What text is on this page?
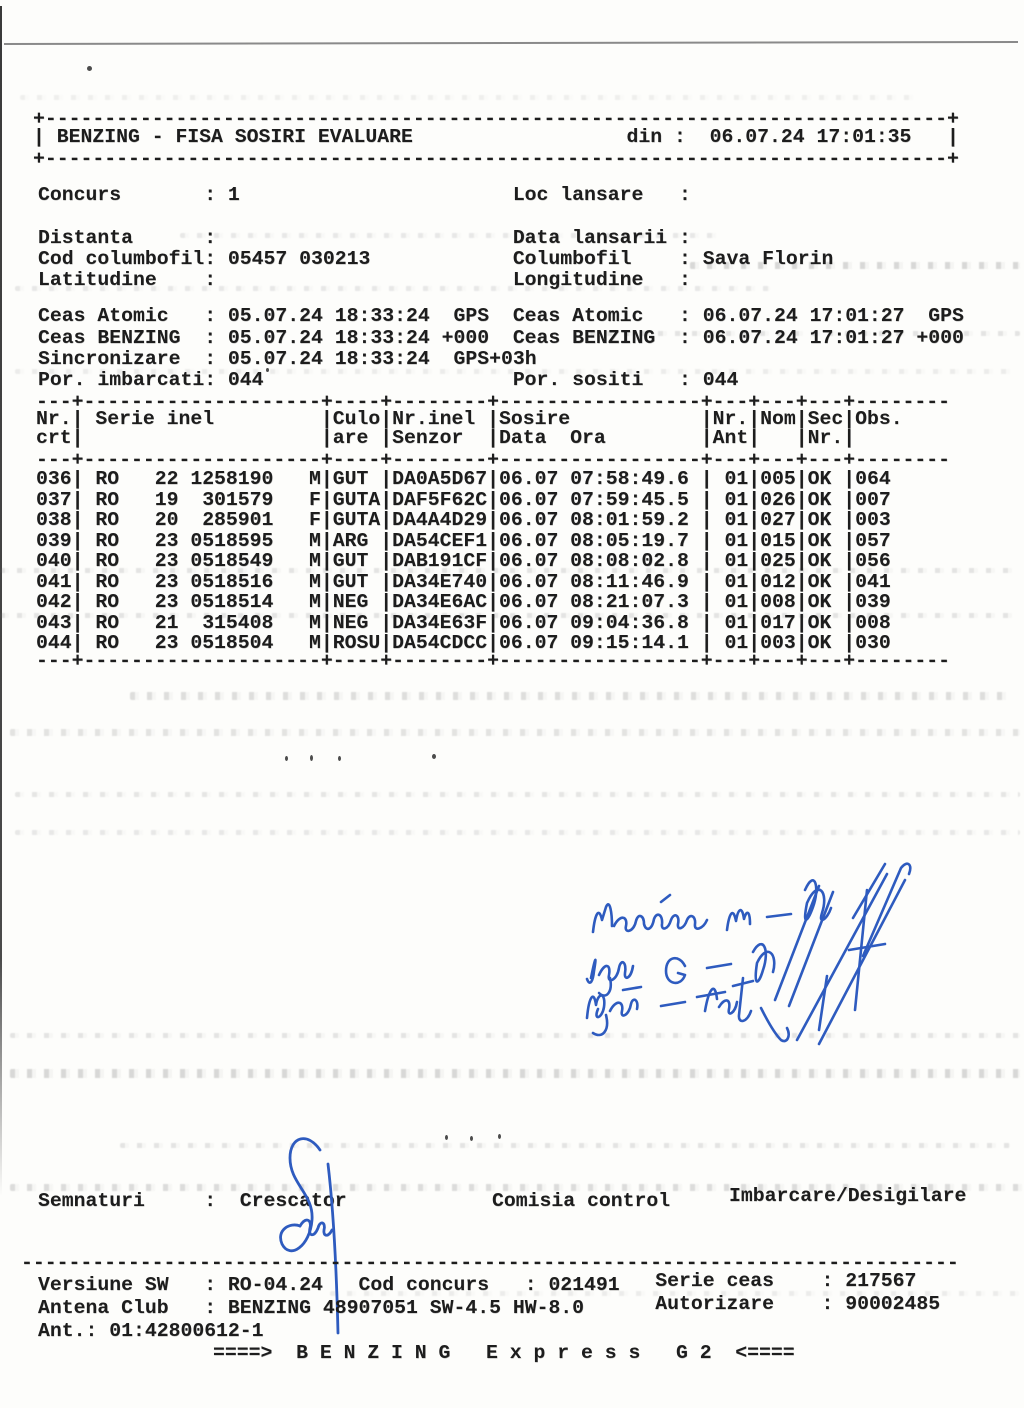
+----------------------------------------------------------------------------+

|

BENZING - FISA SOSIRI EVALUARE

	din :

06.07.24 17:01:35

|

+----------------------------------------------------------------------------+

Concurs       : 1

	Loc lansare   :

Distanta      :

	Data lansarii :

Cod columbofil: 05457 030213

	Columbofil    : Sava Florin

Latitudine    :

	Longitudine   :

Ceas Atomic   : 05.07.24 18:33:24  GPS

Ceas Atomic   : 06.07.24 17:01:27  GPS

Ceas BENZING  : 05.07.24 18:33:24 +000

Ceas BENZING  : 06.07.24 17:01:27 +000

Sincronizare  : 05.07.24 18:33:24  GPS+03h

Por. imbarcati: 044

	Por. sositi   : 044

---+--------------------+----+--------+-----------------+---+---+---+--------
Nr.| Serie inel         |Culo|Nr.inel |Sosire           |Nr.|Nom|Sec|Obs.
crt|                    |are |Senzor  |Data  Ora        |Ant|   |Nr.|
---+--------------------+----+--------+-----------------+---+---+---+--------
036| RO   22 1258190   M|GUT |DA0A5D67|06.07 07:58:49.6 | 01|005|OK |064
037| RO   19  301579   F|GUTA|DAF5F62C|06.07 07:59:45.5 | 01|026|OK |007
038| RO   20  285901   F|GUTA|DA4A4D29|06.07 08:01:59.2 | 01|027|OK |003
039| RO   23 0518595   M|ARG |DA54CEF1|06.07 08:05:19.7 | 01|015|OK |057
040| RO   23 0518549   M|GUT |DAB191CF|06.07 08:08:02.8 | 01|025|OK |056
041| RO   23 0518516   M|GUT |DA34E740|06.07 08:11:46.9 | 01|012|OK |041
042| RO   23 0518514   M|NEG |DA34E6AC|06.07 08:21:07.3 | 01|008|OK |039
043| RO   21  315408   M|NEG |DA34E63F|06.07 09:04:36.8 | 01|017|OK |008
044| RO   23 0518504   M|ROSU|DA54CDCC|06.07 09:15:14.1 | 01|003|OK |030
---+--------------------+----+--------+-----------------+---+---+---+--------

Semnaturi     :  Crescator

	Comisia control	Imbarcare/Desigilare
-------------------------------------------------------------------------------

Versiune SW   : RO-04.24   Cod concurs   : 021491

Serie ceas    : 217567

Antena Club   : BENZING 48907051 SW-4.5 HW-8.0

	Autorizare    : 90002485

Ant.: 01:42800612-1
====>  B E N Z I N G   E x p r e s s   G 2  <====
